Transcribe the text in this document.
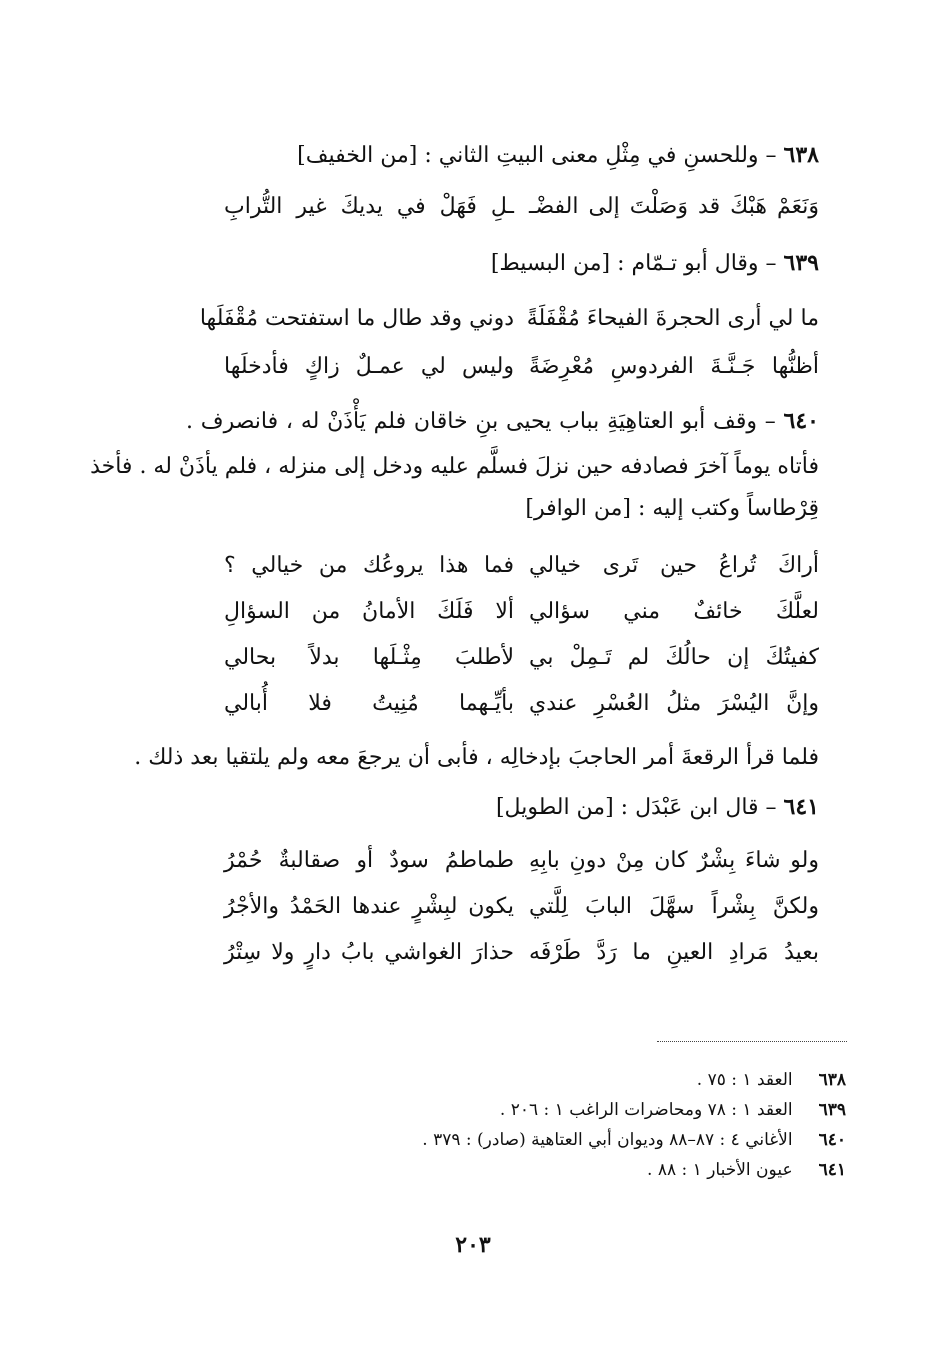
٦٣٨ – وللحسنِ في مِثْلِ معنى البيتِ الثاني : [من الخفيف]
وَنَعَمْ هَبْكَ قد وَصَلْتَ إلى الفضْـ
ـلِ فَهَلْ في يديكَ غير التُّرابِ
٦٣٩ – وقال أبو تـمّام : [من البسيط]
ما لي أرى الحجرةَ الفيحاءَ مُقْفَلَةً
دوني وقد طال ما استفتحت مُقْفَلَها
أظنُّها جَـنَّـةَ الفردوسِ مُعْرِضَةً
وليس لي عمـلٌ زاكٍ فأدخلَها
٦٤٠ – وقف أبو العتاهِيَةِ بباب يحيى بنِ خاقان فلم يَأْذَنْ له ، فانصرف .
فأتاه يوماً آخرَ فصادفه حين نزلَ فسلَّم عليه ودخل إلى منزله ، فلم يأذَنْ له . فأخذ
قِرْطاساً وكتب إليه : [من الوافر]
أراكَ تُراعُ حين تَرى خيالي
فما هذا يروعُك من خيالي ؟
لعلَّكَ خائفٌ مني سؤالي
ألا فَلَكَ الأمانُ من السؤالِ
كفيتُكَ إن حالُكَ لم تَـمِلْ بي
لأطلبَ مِثْـلَها بدلاً بحالي
وإنَّ اليُسْرَ مثلُ العُسْرِ عندي
بأيِّـهما مُنِيتُ فلا أُبالي
فلما قرأ الرقعةَ أمر الحاجبَ بإدخالِه ، فأبى أن يرجعَ معه ولم يلتقيا بعد ذلك .
٦٤١ – قال ابن عَبْدَل : [من الطويل]
ولو شاءَ بِشْرٌ كان مِنْ دونِ بابِهِ
طماطمُ سودٌ أو صقالبةٌ حُمْرُ
ولكنَّ بِشْراً سهَّلَ البابَ لِلَّتي
يكون لبِشْرٍ عندها الحَمْدُ والأجْرُ
بعيدُ مَرادِ العينِ ما رَدَّ طَرْفَه
حذارَ الغواشي بابُ دارٍ ولا سِتْرُ
٦٣٨ العقد ١ : ٧٥ .
٦٣٩ العقد ١ : ٧٨ ومحاضرات الراغب ١ : ٢٠٦ .
٦٤٠ الأغاني ٤ : ٨٧–٨٨ وديوان أبي العتاهية (صادر) : ٣٧٩ .
٦٤١ عيون الأخبار ١ : ٨٨ .
٢٠٣
